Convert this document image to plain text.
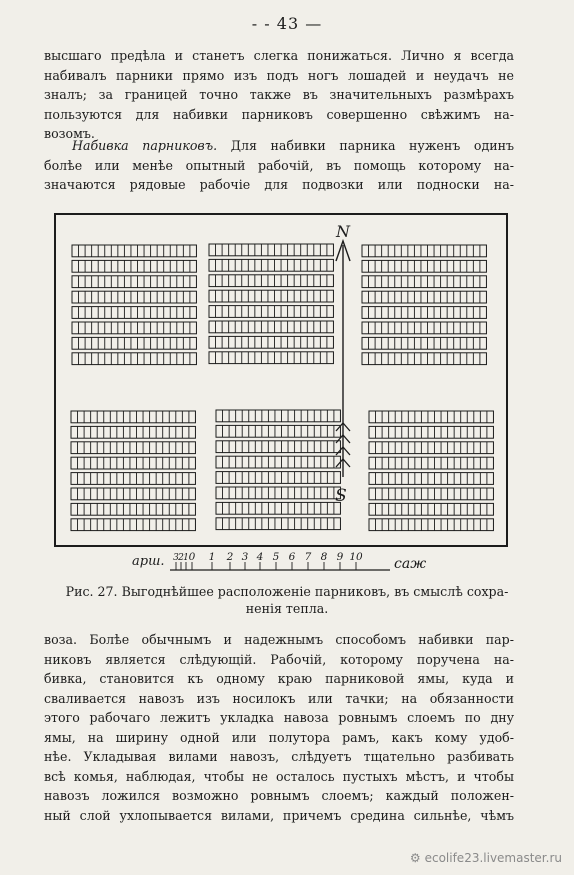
- - 43 —
высшаго предѣла и станетъ слегка понижаться. Лично я всегда
набивалъ парники прямо изъ подъ ногъ лошадей и неудачъ не
зналъ; за границей точно также въ значительныхъ размѣрахъ
пользуются для набивки парниковъ совершенно свѣжимъ на-
возомъ.
Набивка парниковъ. Для набивки парника нуженъ одинъ
болѣе или менѣе опытный рабочій, въ помощь которому на-
значаются рядовые рабочіе для подвозки или подноски на-
N
S
арш. 3 2 1 0 1 2 3 4 5 6 7 8 9 10 саж
Рис. 27. Выгоднѣйшее расположеніе парниковъ, въ смыслѣ сохра-
ненія тепла.
воза. Болѣе обычнымъ и надежнымъ способомъ набивки пар-
никовъ является слѣдующій. Рабочій, которому поручена на-
бивка, становится къ одному краю парниковой ямы, куда и
сваливается навозъ изъ носилокъ или тачки; на обязанности
этого рабочаго лежитъ укладка навоза ровнымъ слоемъ по дну
ямы, на ширину одной или полутора рамъ, какъ кому удоб-
нѣе. Укладывая вилами навозъ, слѣдуетъ тщательно разбивать
всѣ комья, наблюдая, чтобы не осталось пустыхъ мѣстъ, и чтобы
навозъ ложился возможно ровнымъ слоемъ; каждый положен-
ный слой ухлопывается вилами, причемъ средина сильнѣе, чѣмъ
⚙ ecolife23.livemaster.ru
